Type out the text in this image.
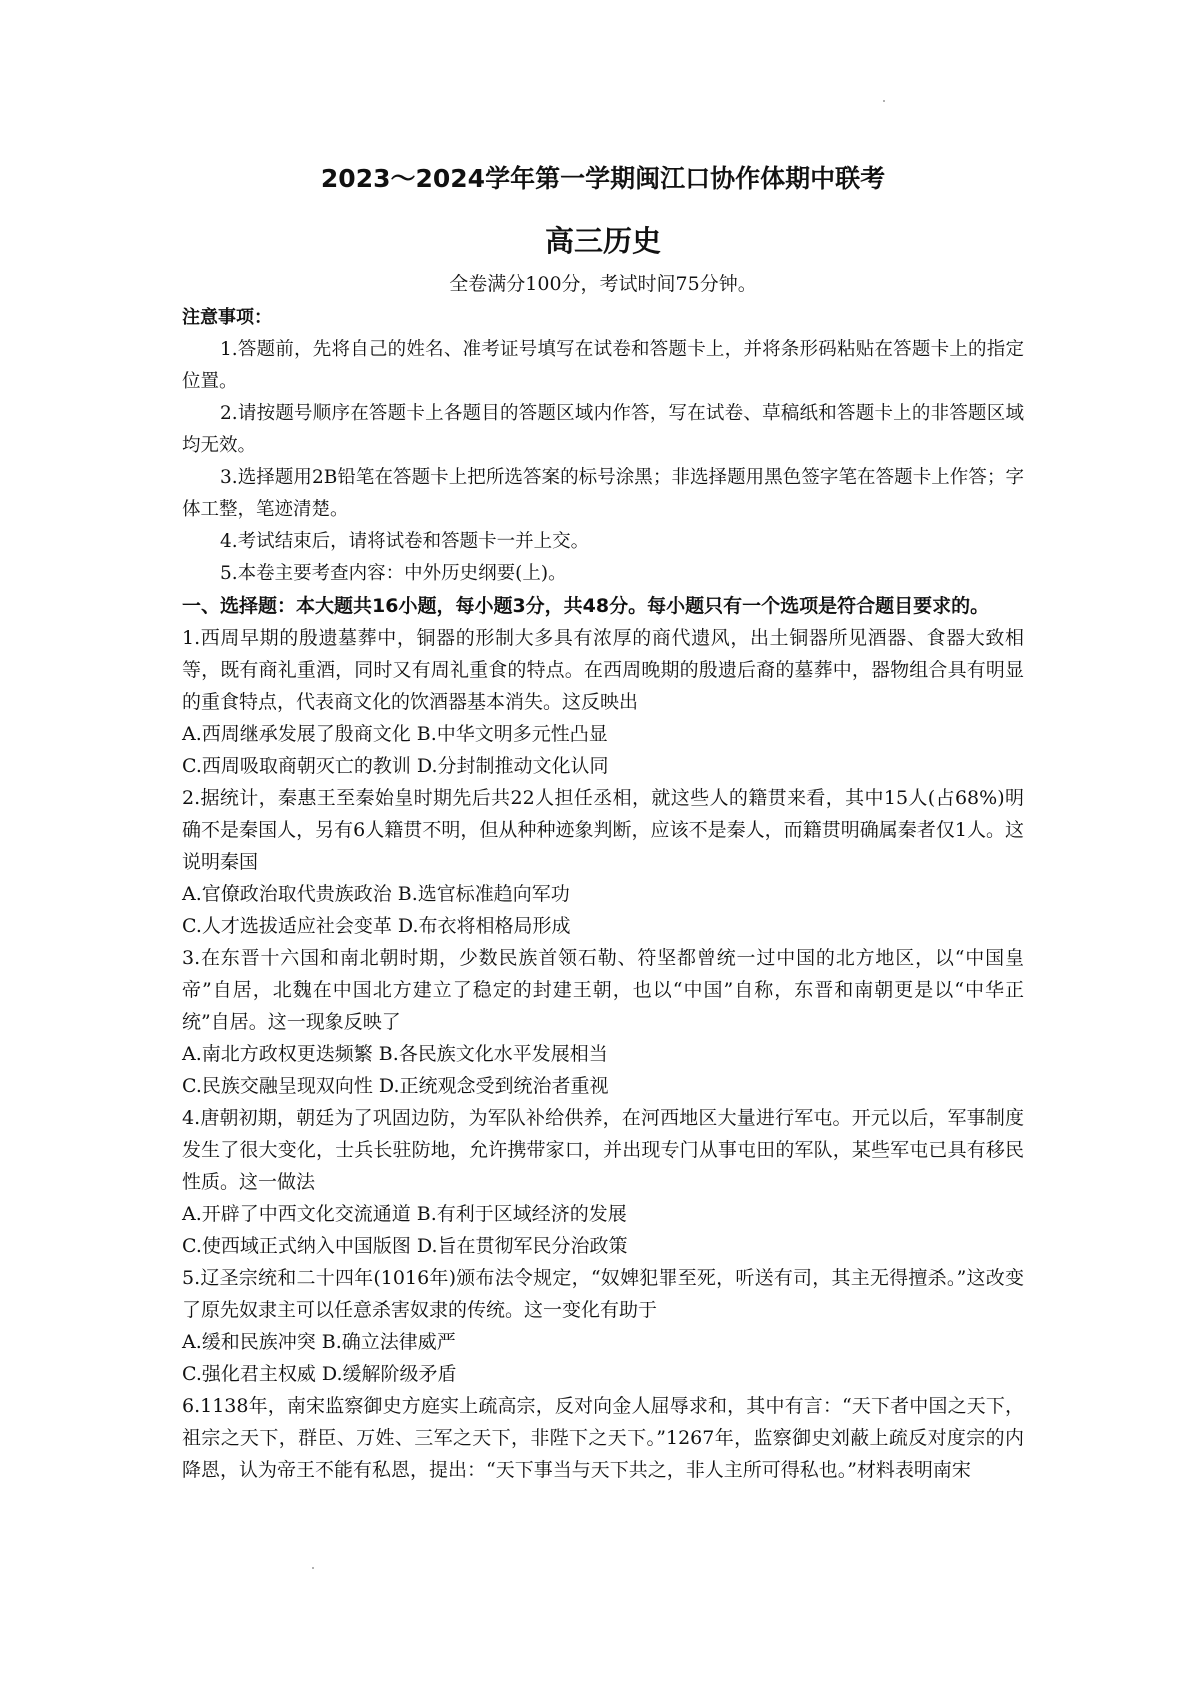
2023～2024学年第一学期闽江口协作体期中联考
高三历史
全卷满分100分，考试时间75分钟。
注意事项：
1.答题前，先将自己的姓名、准考证号填写在试卷和答题卡上，并将条形码粘贴在答题卡上的指定位置。
2.请按题号顺序在答题卡上各题目的答题区域内作答，写在试卷、草稿纸和答题卡上的非答题区域均无效。
3.选择题用2B铅笔在答题卡上把所选答案的标号涂黑；非选择题用黑色签字笔在答题卡上作答；字体工整，笔迹清楚。
4.考试结束后，请将试卷和答题卡一并上交。
5.本卷主要考查内容：中外历史纲要(上)。
一、选择题：本大题共16小题，每小题3分，共48分。每小题只有一个选项是符合题目要求的。
1.西周早期的殷遗墓葬中，铜器的形制大多具有浓厚的商代遗风，出土铜器所见酒器、食器大致相等，既有商礼重酒，同时又有周礼重食的特点。在西周晚期的殷遗后裔的墓葬中，器物组合具有明显的重食特点，代表商文化的饮酒器基本消失。这反映出
A.西周继承发展了殷商文化 B.中华文明多元性凸显
C.西周吸取商朝灭亡的教训 D.分封制推动文化认同
2.据统计，秦惠王至秦始皇时期先后共22人担任丞相，就这些人的籍贯来看，其中15人(占68%)明确不是秦国人，另有6人籍贯不明，但从种种迹象判断，应该不是秦人，而籍贯明确属秦者仅1人。这说明秦国
A.官僚政治取代贵族政治 B.选官标准趋向军功
C.人才选拔适应社会变革 D.布衣将相格局形成
3.在东晋十六国和南北朝时期，少数民族首领石勒、符坚都曾统一过中国的北方地区，以“中国皇帝”自居，北魏在中国北方建立了稳定的封建王朝，也以“中国”自称，东晋和南朝更是以“中华正统”自居。这一现象反映了
A.南北方政权更迭频繁 B.各民族文化水平发展相当
C.民族交融呈现双向性 D.正统观念受到统治者重视
4.唐朝初期，朝廷为了巩固边防，为军队补给供养，在河西地区大量进行军屯。开元以后，军事制度发生了很大变化，士兵长驻防地，允许携带家口，并出现专门从事屯田的军队，某些军屯已具有移民性质。这一做法
A.开辟了中西文化交流通道 B.有利于区域经济的发展
C.使西域正式纳入中国版图 D.旨在贯彻军民分治政策
5.辽圣宗统和二十四年(1016年)颁布法令规定，“奴婢犯罪至死，听送有司，其主无得擅杀。”这改变了原先奴隶主可以任意杀害奴隶的传统。这一变化有助于
A.缓和民族冲突 B.确立法律威严
C.强化君主权威 D.缓解阶级矛盾
6.1138年，南宋监察御史方庭实上疏高宗，反对向金人屈辱求和，其中有言：“天下者中国之天下，祖宗之天下，群臣、万姓、三军之天下，非陛下之天下。”1267年，监察御史刘蔽上疏反对度宗的内降恩，认为帝王不能有私恩，提出：“天下事当与天下共之，非人主所可得私也。”材料表明南宋
